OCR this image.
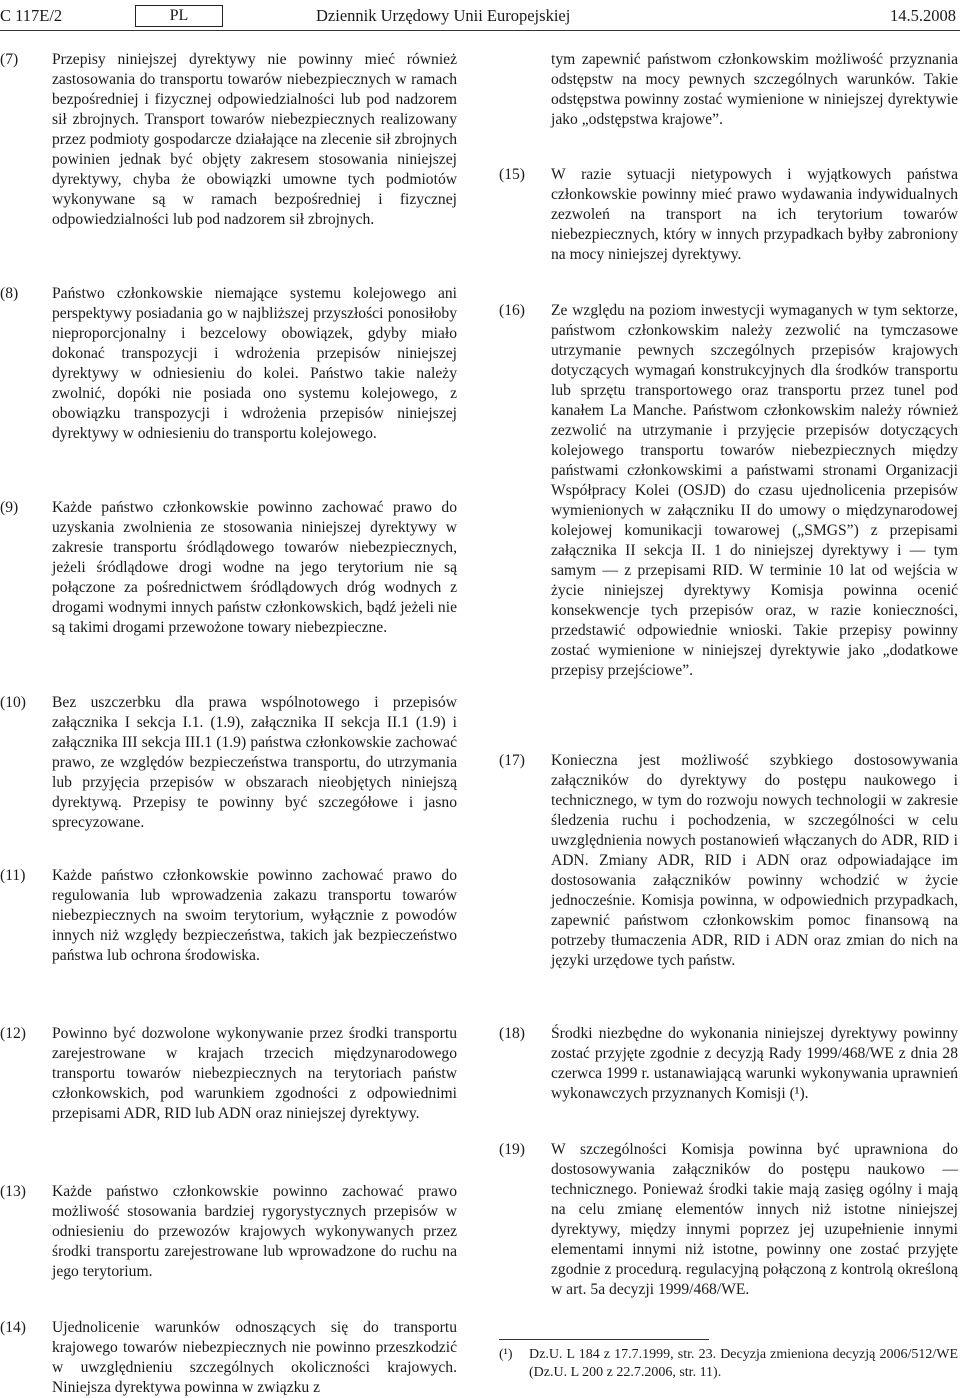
C 117E/2	PL	Dziennik Urzędowy Unii Europejskiej	14.5.2008
(7) Przepisy niniejszej dyrektywy nie powinny mieć również zastosowania do transportu towarów niebezpiecznych w ramach bezpośredniej i fizycznej odpowiedzialności lub pod nadzorem sił zbrojnych. Transport towarów niebezpiecznych realizowany przez podmioty gospodarcze działające na zlecenie sił zbrojnych powinien jednak być objęty zakresem stosowania niniejszej dyrektywy, chyba że obowiązki umowne tych podmiotów wykonywane są w ramach bezpośredniej i fizycznej odpowiedzialności lub pod nadzorem sił zbrojnych.
(8) Państwo członkowskie niemające systemu kolejowego ani perspektywy posiadania go w najbliższej przyszłości ponosiłoby nieproporcjonalny i bezcelowy obowiązek, gdyby miało dokonać transpozycji i wdrożenia przepisów niniejszej dyrektywy w odniesieniu do kolei. Państwo takie należy zwolnić, dopóki nie posiada ono systemu kolejowego, z obowiązku transpozycji i wdrożenia przepisów niniejszej dyrektywy w odniesieniu do transportu kolejowego.
(9) Każde państwo członkowskie powinno zachować prawo do uzyskania zwolnienia ze stosowania niniejszej dyrektywy w zakresie transportu śródlądowego towarów niebezpiecznych, jeżeli śródlądowe drogi wodne na jego terytorium nie są połączone za pośrednictwem śródlądowych dróg wodnych z drogami wodnymi innych państw członkowskich, bądź jeżeli nie są takimi drogami przewożone towary niebezpieczne.
(10) Bez uszczerbku dla prawa wspólnotowego i przepisów załącznika I sekcja I.1. (1.9), załącznika II sekcja II.1 (1.9) i załącznika III sekcja III.1 (1.9) państwa członkowskie zachować prawo, ze względów bezpieczeństwa transportu, do utrzymania lub przyjęcia przepisów w obszarach nieobjętych niniejszą dyrektywą. Przepisy te powinny być szczegółowe i jasno sprecyzowane.
(11) Każde państwo członkowskie powinno zachować prawo do regulowania lub wprowadzenia zakazu transportu towarów niebezpiecznych na swoim terytorium, wyłącznie z powodów innych niż względy bezpieczeństwa, takich jak bezpieczeństwo państwa lub ochrona środowiska.
(12) Powinno być dozwolone wykonywanie przez środki transportu zarejestrowane w krajach trzecich międzynarodowego transportu towarów niebezpiecznych na terytoriach państw członkowskich, pod warunkiem zgodności z odpowiednimi przepisami ADR, RID lub ADN oraz niniejszej dyrektywy.
(13) Każde państwo członkowskie powinno zachować prawo możliwość stosowania bardziej rygorystycznych przepisów w odniesieniu do przewozów krajowych wykonywanych przez środki transportu zarejestrowane lub wprowadzone do ruchu na jego terytorium.
(14) Ujednolicenie warunków odnoszących się do transportu krajowego towarów niebezpiecznych nie powinno przeszkodzić w uwzględnieniu szczególnych okoliczności krajowych. Niniejsza dyrektywa powinna w związku z
tym zapewnić państwom członkowskim możliwość przyznania odstępstw na mocy pewnych szczególnych warunków. Takie odstępstwa powinny zostać wymienione w niniejszej dyrektywie jako „odstępstwa krajowe”.
(15) W razie sytuacji nietypowych i wyjątkowych państwa członkowskie powinny mieć prawo wydawania indywidualnych zezwoleń na transport na ich terytorium towarów niebezpiecznych, który w innych przypadkach byłby zabroniony na mocy niniejszej dyrektywy.
(16) Ze względu na poziom inwestycji wymaganych w tym sektorze, państwom członkowskim należy zezwolić na tymczasowe utrzymanie pewnych szczególnych przepisów krajowych dotyczących wymagań konstrukcyjnych dla środków transportu lub sprzętu transportowego oraz transportu przez tunel pod kanałem La Manche. Państwom członkowskim należy również zezwolić na utrzymanie i przyjęcie przepisów dotyczących kolejowego transportu towarów niebezpiecznych między państwami członkowskimi a państwami stronami Organizacji Współpracy Kolei (OSJD) do czasu ujednolicenia przepisów wymienionych w załączniku II do umowy o międzynarodowej kolejowej komunikacji towarowej („SMGS”) z przepisami załącznika II sekcja II. 1 do niniejszej dyrektywy i — tym samym — z przepisami RID. W terminie 10 lat od wejścia w życie niniejszej dyrektywy Komisja powinna ocenić konsekwencje tych przepisów oraz, w razie konieczności, przedstawić odpowiednie wnioski. Takie przepisy powinny zostać wymienione w niniejszej dyrektywie jako „dodatkowe przepisy przejściowe”.
(17) Konieczna jest możliwość szybkiego dostosowywania załączników do dyrektywy do postępu naukowego i technicznego, w tym do rozwoju nowych technologii w zakresie śledzenia ruchu i pochodzenia, w szczególności w celu uwzględnienia nowych postanowień włączanych do ADR, RID i ADN. Zmiany ADR, RID i ADN oraz odpowiadające im dostosowania załączników powinny wchodzić w życie jednocześnie. Komisja powinna, w odpowiednich przypadkach, zapewnić państwom członkowskim pomoc finansową na potrzeby tłumaczenia ADR, RID i ADN oraz zmian do nich na języki urzędowe tych państw.
(18) Środki niezbędne do wykonania niniejszej dyrektywy powinny zostać przyjęte zgodnie z decyzją Rady 1999/468/WE z dnia 28 czerwca 1999 r. ustanawiającą warunki wykonywania uprawnień wykonawczych przyznanych Komisji (¹).
(19) W szczególności Komisja powinna być uprawniona do dostosowywania załączników do postępu naukowo — technicznego. Ponieważ środki takie mają zasięg ogólny i mają na celu zmianę elementów innych niż istotne niniejszej dyrektywy, między innymi poprzez jej uzupełnienie innymi elementami innymi niż istotne, powinny one zostać przyjęte zgodnie z procedurą. regulacyjną połączoną z kontrolą określoną w art. 5a decyzji 1999/468/WE.
(¹) Dz.U. L 184 z 17.7.1999, str. 23. Decyzja zmieniona decyzją 2006/512/WE (Dz.U. L 200 z 22.7.2006, str. 11).
